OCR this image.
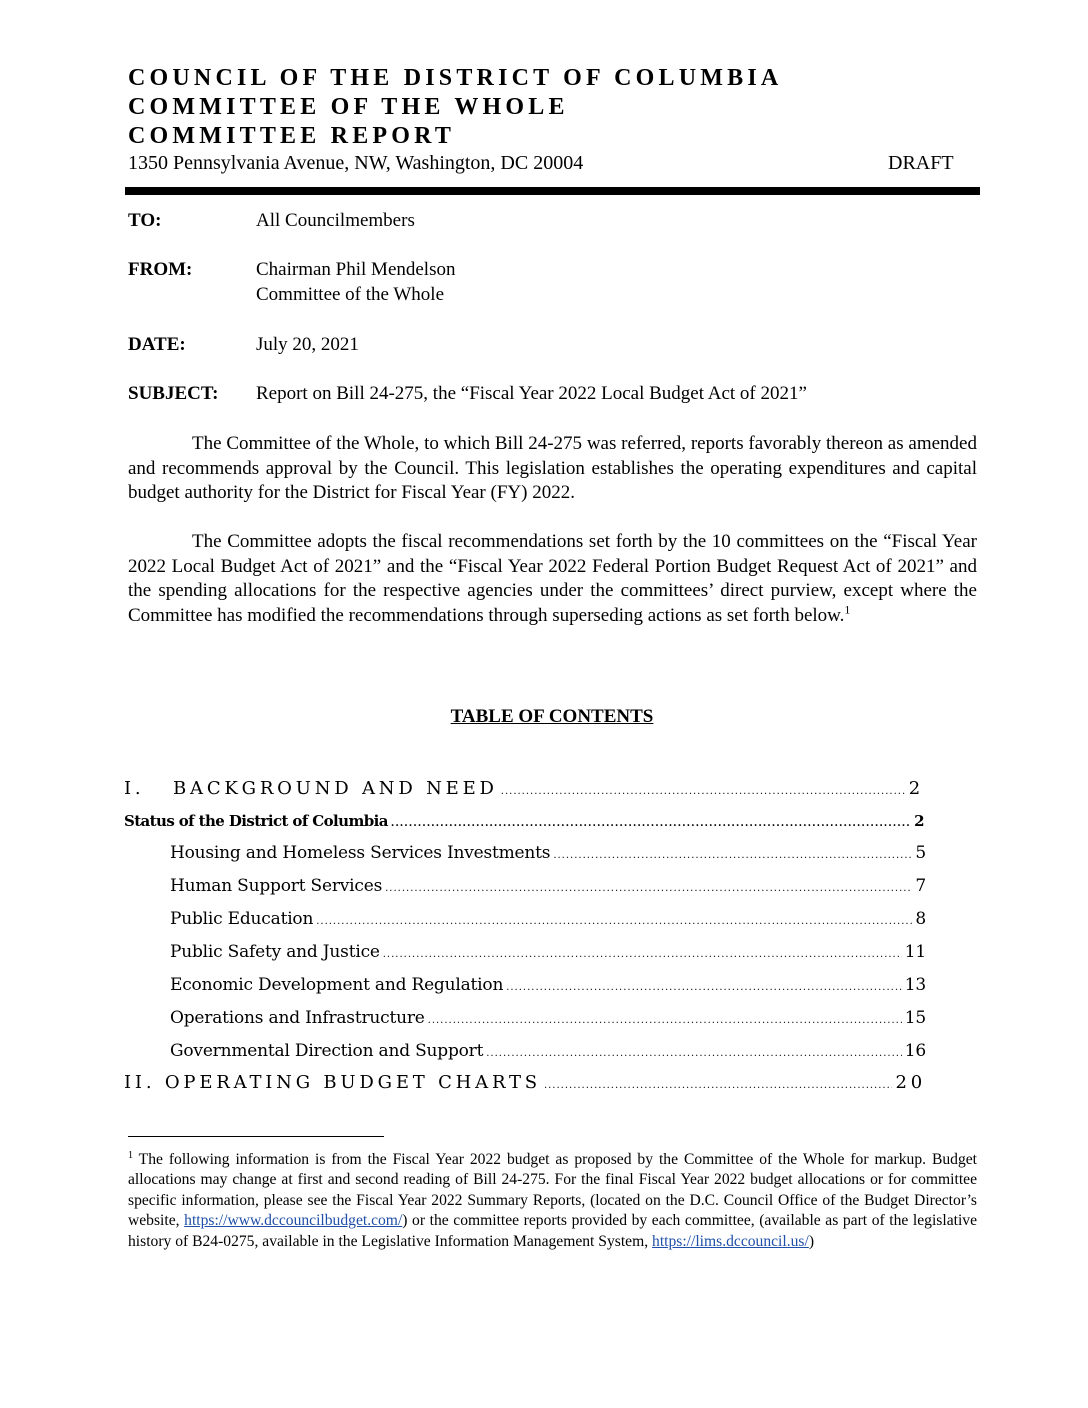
COUNCIL OF THE DISTRICT OF COLUMBIA
COMMITTEE OF THE WHOLE
COMMITTEE REPORT
1350 Pennsylvania Avenue, NW, Washington, DC 20004	DRAFT
TO:	All Councilmembers
FROM:	Chairman Phil Mendelson
Committee of the Whole
DATE:	July 20, 2021
SUBJECT: Report on Bill 24-275, the “Fiscal Year 2022 Local Budget Act of 2021”
The Committee of the Whole, to which Bill 24-275 was referred, reports favorably thereon as amended and recommends approval by the Council. This legislation establishes the operating expenditures and capital budget authority for the District for Fiscal Year (FY) 2022.
The Committee adopts the fiscal recommendations set forth by the 10 committees on the “Fiscal Year 2022 Local Budget Act of 2021” and the “Fiscal Year 2022 Federal Portion Budget Request Act of 2021” and the spending allocations for the respective agencies under the committees’ direct purview, except where the Committee has modified the recommendations through superseding actions as set forth below.$^1$
TABLE OF CONTENTS
I.   BACKGROUND AND NEED .....	2
Status of the District of Columbia .....	2
Housing and Homeless Services Investments .....	5
Human Support Services .....	7
Public Education .....	8
Public Safety and Justice .....	11
Economic Development and Regulation .....	13
Operations and Infrastructure .....	15
Governmental Direction and Support .....	16
II. OPERATING BUDGET CHARTS .....	20
$^1$ The following information is from the Fiscal Year 2022 budget as proposed by the Committee of the Whole for markup. Budget allocations may change at first and second reading of Bill 24-275. For the final Fiscal Year 2022 budget allocations or for committee specific information, please see the Fiscal Year 2022 Summary Reports, (located on the D.C. Council Office of the Budget Director’s website, https://www.dccouncilbudget.com/) or the committee reports provided by each committee, (available as part of the legislative history of B24-0275, available in the Legislative Information Management System, https://lims.dccouncil.us/)
